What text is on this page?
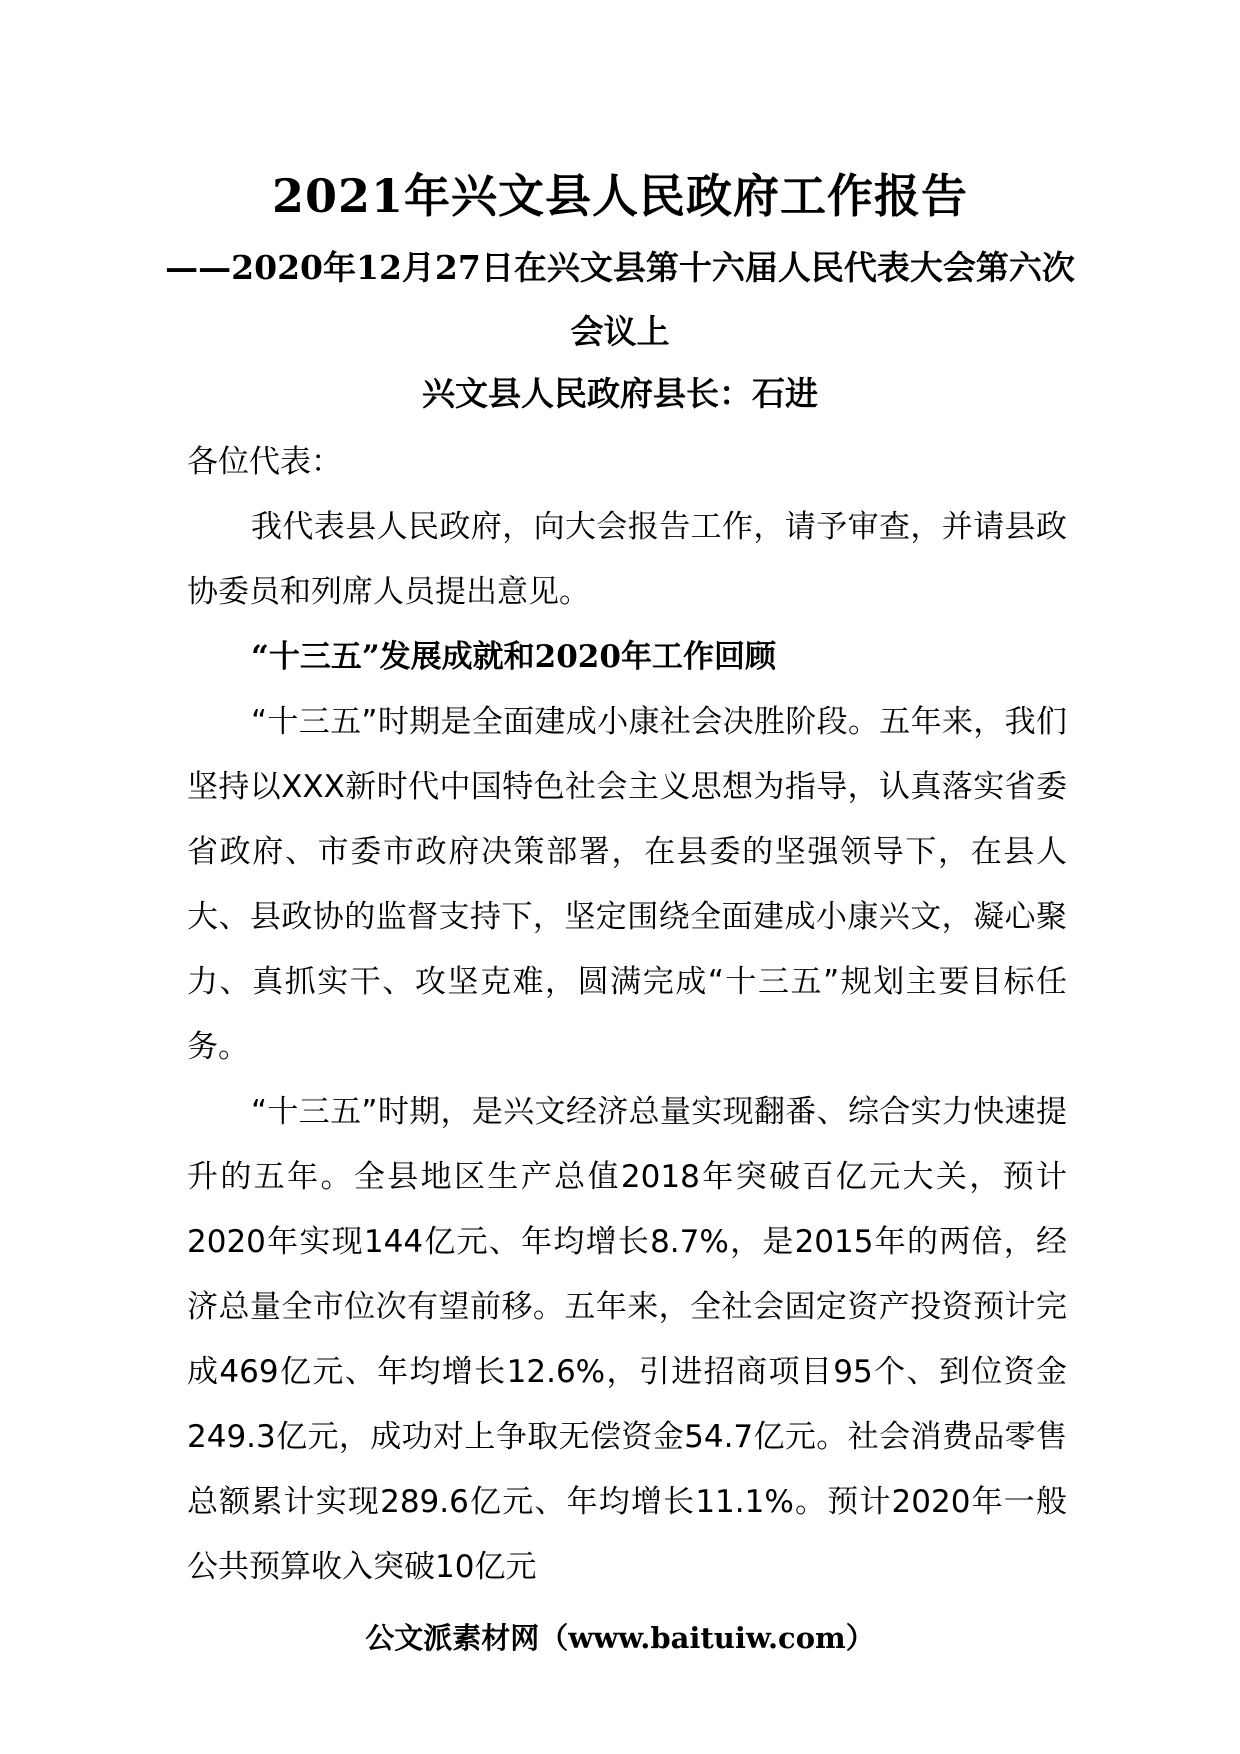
2021年兴文县人民政府工作报告
——2020年12月27日在兴文县第十六届人民代表大会第六次会议上
兴文县人民政府县长：石进

各位代表：

我代表县人民政府，向大会报告工作，请予审查，并请县政协委员和列席人员提出意见。

“十三五”发展成就和2020年工作回顾

“十三五”时期是全面建成小康社会决胜阶段。五年来，我们坚持以XXX新时代中国特色社会主义思想为指导，认真落实省委省政府、市委市政府决策部署，在县委的坚强领导下，在县人大、县政协的监督支持下，坚定围绕全面建成小康兴文，凝心聚力、真抓实干、攻坚克难，圆满完成“十三五”规划主要目标任务。

“十三五”时期，是兴文经济总量实现翻番、综合实力快速提升的五年。全县地区生产总值2018年突破百亿元大关，预计2020年实现144亿元、年均增长8.7%，是2015年的两倍，经济总量全市位次有望前移。五年来，全社会固定资产投资预计完成469亿元、年均增长12.6%，引进招商项目95个、到位资金249.3亿元，成功对上争取无偿资金54.7亿元。社会消费品零售总额累计实现289.6亿元、年均增长11.1%。预计2020年一般公共预算收入突破10亿元

公文派素材网（www.baituiw.com）
